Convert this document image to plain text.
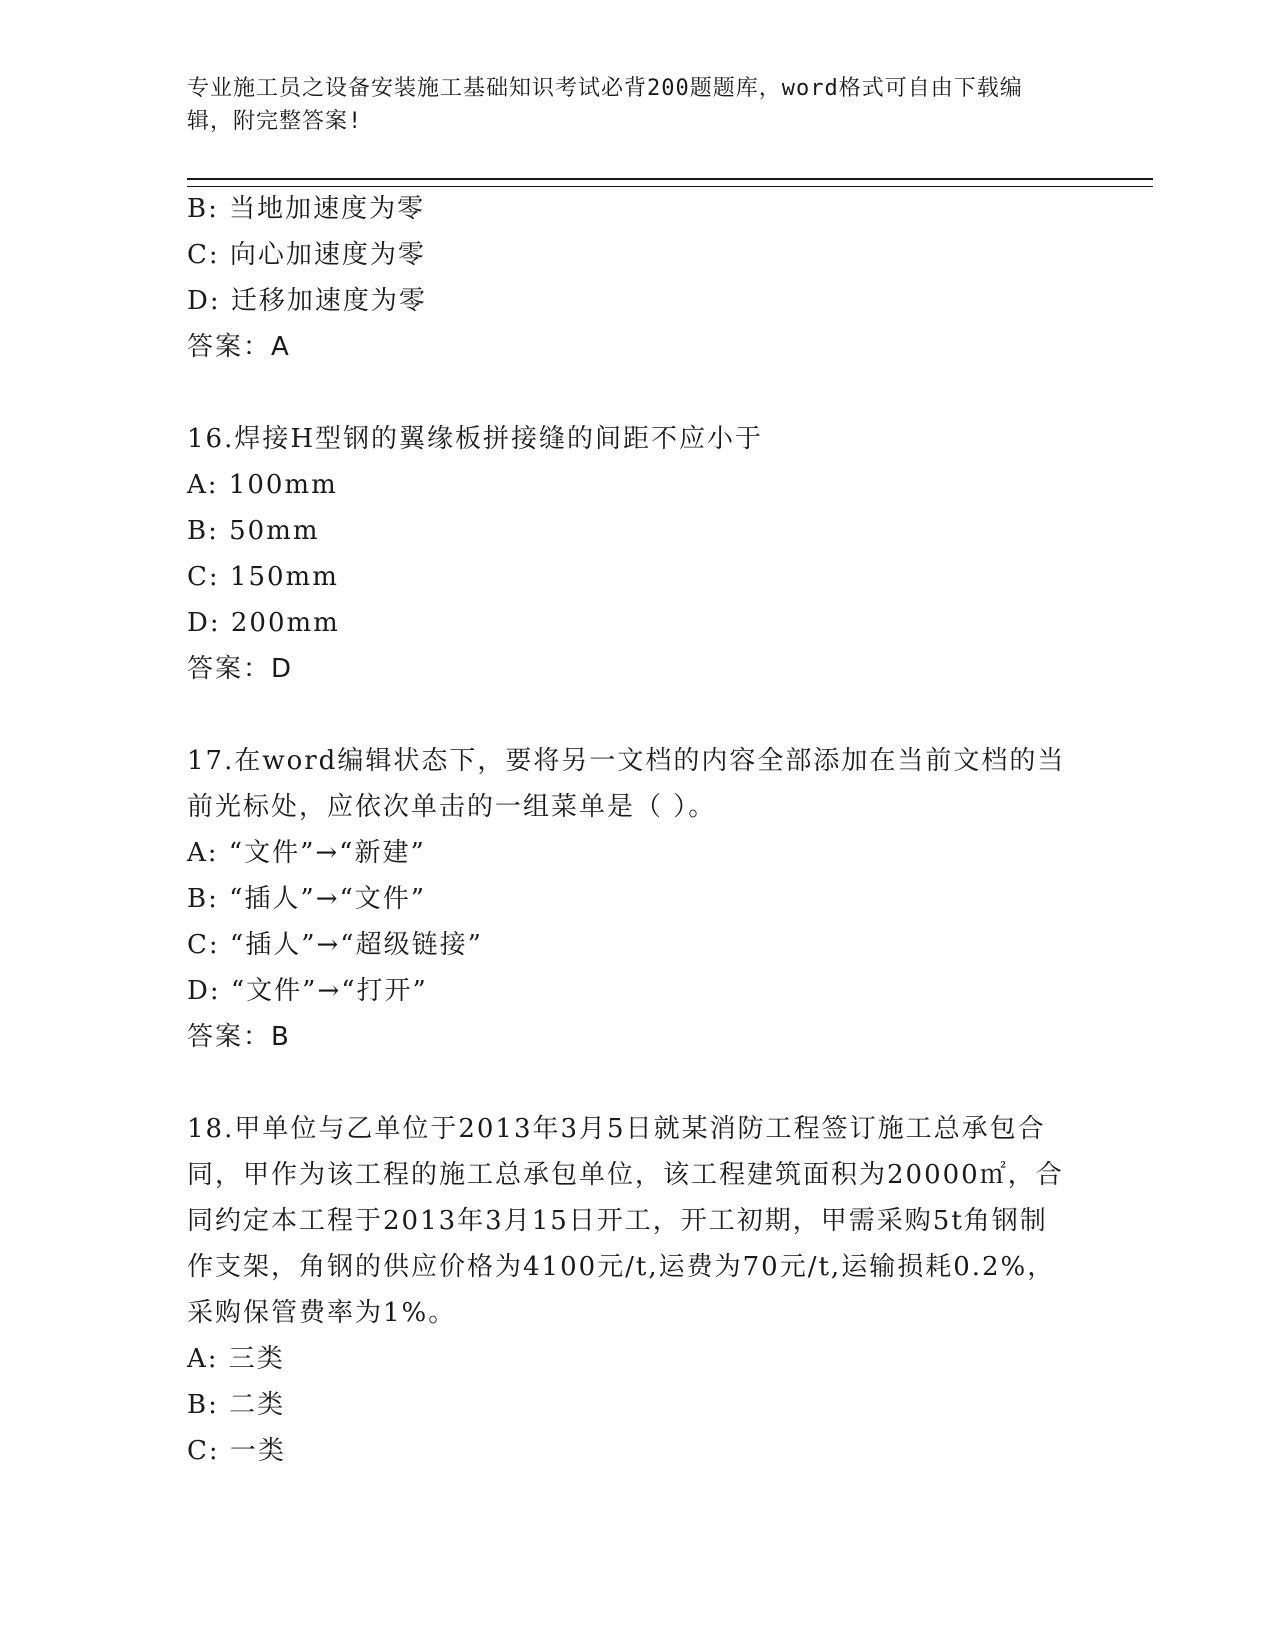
专业施工员之设备安装施工基础知识考试必背200题题库，word格式可自由下载编辑，附完整答案!
B: 当地加速度为零
C: 向心加速度为零
D: 迁移加速度为零
答案：A
16.焊接H型钢的翼缘板拼接缝的间距不应小于
A: 100mm
B: 50mm
C: 150mm
D: 200mm
答案：D
17.在word编辑状态下，要将另一文档的内容全部添加在当前文档的当前光标处，应依次单击的一组菜单是（ ）。
A: “文件”→“新建”
B: “插人”→“文件”
C: “插人”→“超级链接”
D: “文件”→“打开”
答案：B
18.甲单位与乙单位于2013年3月5日就某消防工程签订施工总承包合同，甲作为该工程的施工总承包单位，该工程建筑面积为20000㎡，合同约定本工程于2013年3月15日开工，开工初期，甲需采购5t角钢制作支架，角钢的供应价格为4100元/t,运费为70元/t,运输损耗0.2%，采购保管费率为1%。
A: 三类
B: 二类
C: 一类
